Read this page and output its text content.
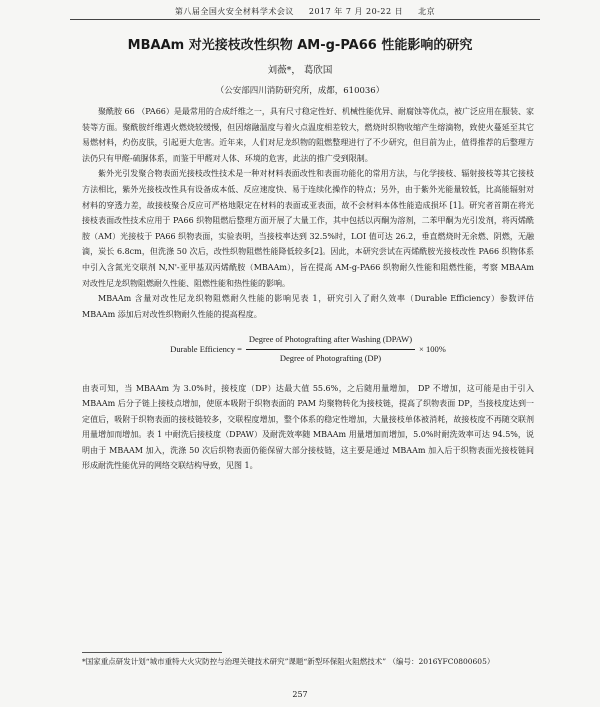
第八届全国火安全材料学术会议 2017 年 7 月 20-22 日 北京
MBAAm 对光接枝改性织物 AM-g-PA66 性能影响的研究
刘薇*， 葛欣国
（公安部四川消防研究所，成都，610036）

聚酰胺 66 （PA66）是最常用的合成纤维之一，具有尺寸稳定性好、机械性能优异、耐腐蚀等优点，被广泛应用在服装、家装等方面。聚酰胺纤维遇火燃烧较缓慢，但因熔融温度与着火点温度相差较大，燃烧时织物收缩产生熔滴物，致使火蔓延至其它易燃材料，灼伤皮肤，引起更大危害。近年来，人们对尼龙织物的阻燃整理进行了不少研究，但目前为止，值得推荐的后整理方法仍只有甲醛-硫脲体系，而鉴于甲醛对人体、环境的危害，此法的推广受到限制。

紫外光引发聚合物表面光接枝改性技术是一种对材料表面改性和表面功能化的常用方法，与化学接枝、辐射接枝等其它接枝方法相比，紫外光接枝改性具有设备成本低、反应速度快、易于连续化操作的特点；另外，由于紫外光能量较低，比高能辐射对材料的穿透力差，故接枝聚合反应可严格地限定在材料的表面或亚表面，故不会材料本体性能造成损坏 [1]。研究者首期在将光接枝表面改性技术应用于 PA66 织物阻燃后整理方面开展了大量工作，其中包括以丙酮为溶剂，二苯甲酮为光引发剂，将丙烯酰胺（AM）光接枝于 PA66 织物表面，实验表明，当接枝率达到 32.5%时，LOI 值可达 26.2，垂直燃烧时无余燃、阴燃，无融滴，炭长 6.8cm，但洗涤 50 次后，改性织物阻燃性能降低较多[2]。因此，本研究尝试在丙烯酰胺光接枝改性 PA66 织物体系中引入含氮光交联剂 N,N'-亚甲基双丙烯酰胺（MBAAm），旨在提高 AM-g-PA66 织物耐久性能和阻燃性能，考察 MBAAm 对改性尼龙织物阻燃耐久性能、阻燃性能和热性能的影响。

MBAAm 含量对改性尼龙织物阻燃耐久性能的影响见表 1，研究引入了耐久效率（Durable Efficiency）参数评估 MBAAm 添加后对改性织物耐久性能的提高程度。

Durable Efficiency = $\frac{\text{Degree of Photografting after Washing (DPAW)}}{\text{Degree of Photografting (DP)}} \times 100\%$

由表可知，当 MBAAm 为 3.0%时，接枝度（DP）达最大值 55.6%，之后随用量增加， DP 不增加，这可能是由于引入 MBAAm 后分子链上接枝点增加，使原本吸附于织物表面的 PAM 均聚物转化为接枝链，提高了织物表面 DP，当接枝度达到一定值后，吸附于织物表面的接枝链较多，交联程度增加，整个体系的稳定性增加，大量接枝单体被消耗，故接枝度不再随交联剂用量增加而增加。表 1 中耐洗后接枝度（DPAW）及耐洗效率随 MBAAm 用量增加而增加，5.0%时耐洗效率可达 94.5%，说明由于 MBAAM 加入，洗涤 50 次后织物表面仍能保留大部分接枝链，这主要是通过 MBAAm 加入后于织物表面光接枝链间形成耐洗性能优异的网络交联结构导致，见图 1。

*国家重点研发计划“城市重特大火灾防控与治理关键技术研究”课题“新型环保阻火阻燃技术” （编号：2016YFC0800605）
257
